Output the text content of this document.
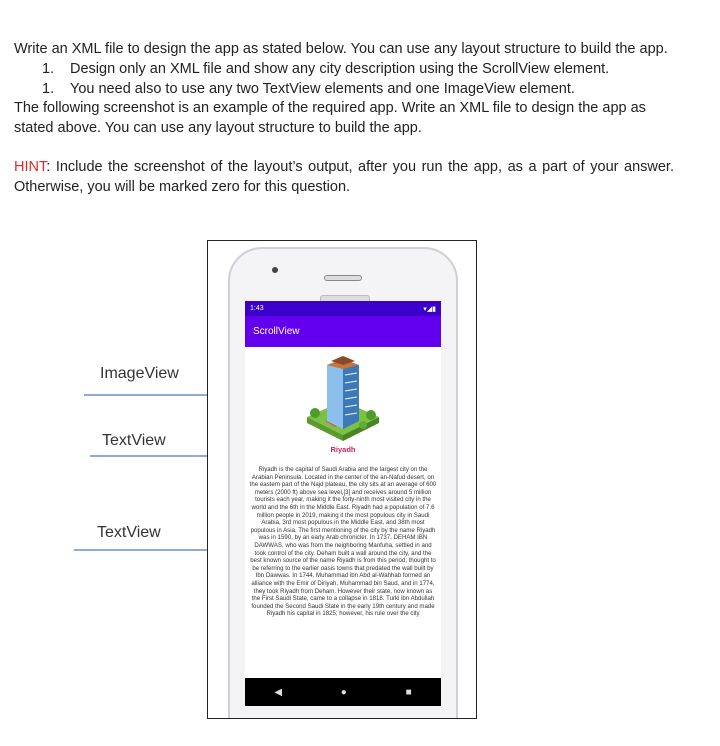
Write an XML file to design the app as stated below. You can use any layout structure to build the app.

1. Design only an XML file and show any city description using the ScrollView element.

1. You need also to use any two TextView elements and one ImageView element.

The following screenshot is an example of the required app. Write an XML file to design the app as stated above. You can use any layout structure to build the app.

HINT: Include the screenshot of the layout’s output, after you run the app, as a part of your answer. Otherwise, you will be marked zero for this question.

ImageView
TextView
TextView
1:43	▾◢▮
ScrollView
Riyadh
Riyadh is the capital of Saudi Arabia and the largest city on the Arabian Peninsula. Located in the center of the an-Nafud desert, on the eastern part of the Najd plateau, the city sits at an average of 600 meters (2000 ft) above sea level,[3] and receives around 5 million tourists each year, making it the forty-ninth most visited city in the world and the 6th in the Middle East. Riyadh had a population of 7.6 million people in 2019, making it the most populous city in Saudi Arabia, 3rd most populous in the Middle East, and 38th most populous in Asia. The first mentioning of the city by the name Riyadh was in 1590, by an early Arab chronicler. In 1737, DEHAM IBN DAWWAS, who was from the neighboring Manfuha, settled in and took control of the city. Deham built a wall around the city, and the best known source of the name Riyadh is from this period, thought to be referring to the earlier oasis towns that predated the wall built by Ibn Dawwas. In 1744, Muhammad ibn Abd al-Wahhab formed an alliance with the Emir of Diriyah, Muhammad bin Saud, and in 1774, they took Riyadh from Deham. However their state, now known as the First Saudi State, came to a collapse in 1818. Turki ibn Abdullah founded the Second Saudi State in the early 19th century and made Riyadh his capital in 1825; however, his rule over the city
◀	●	■
